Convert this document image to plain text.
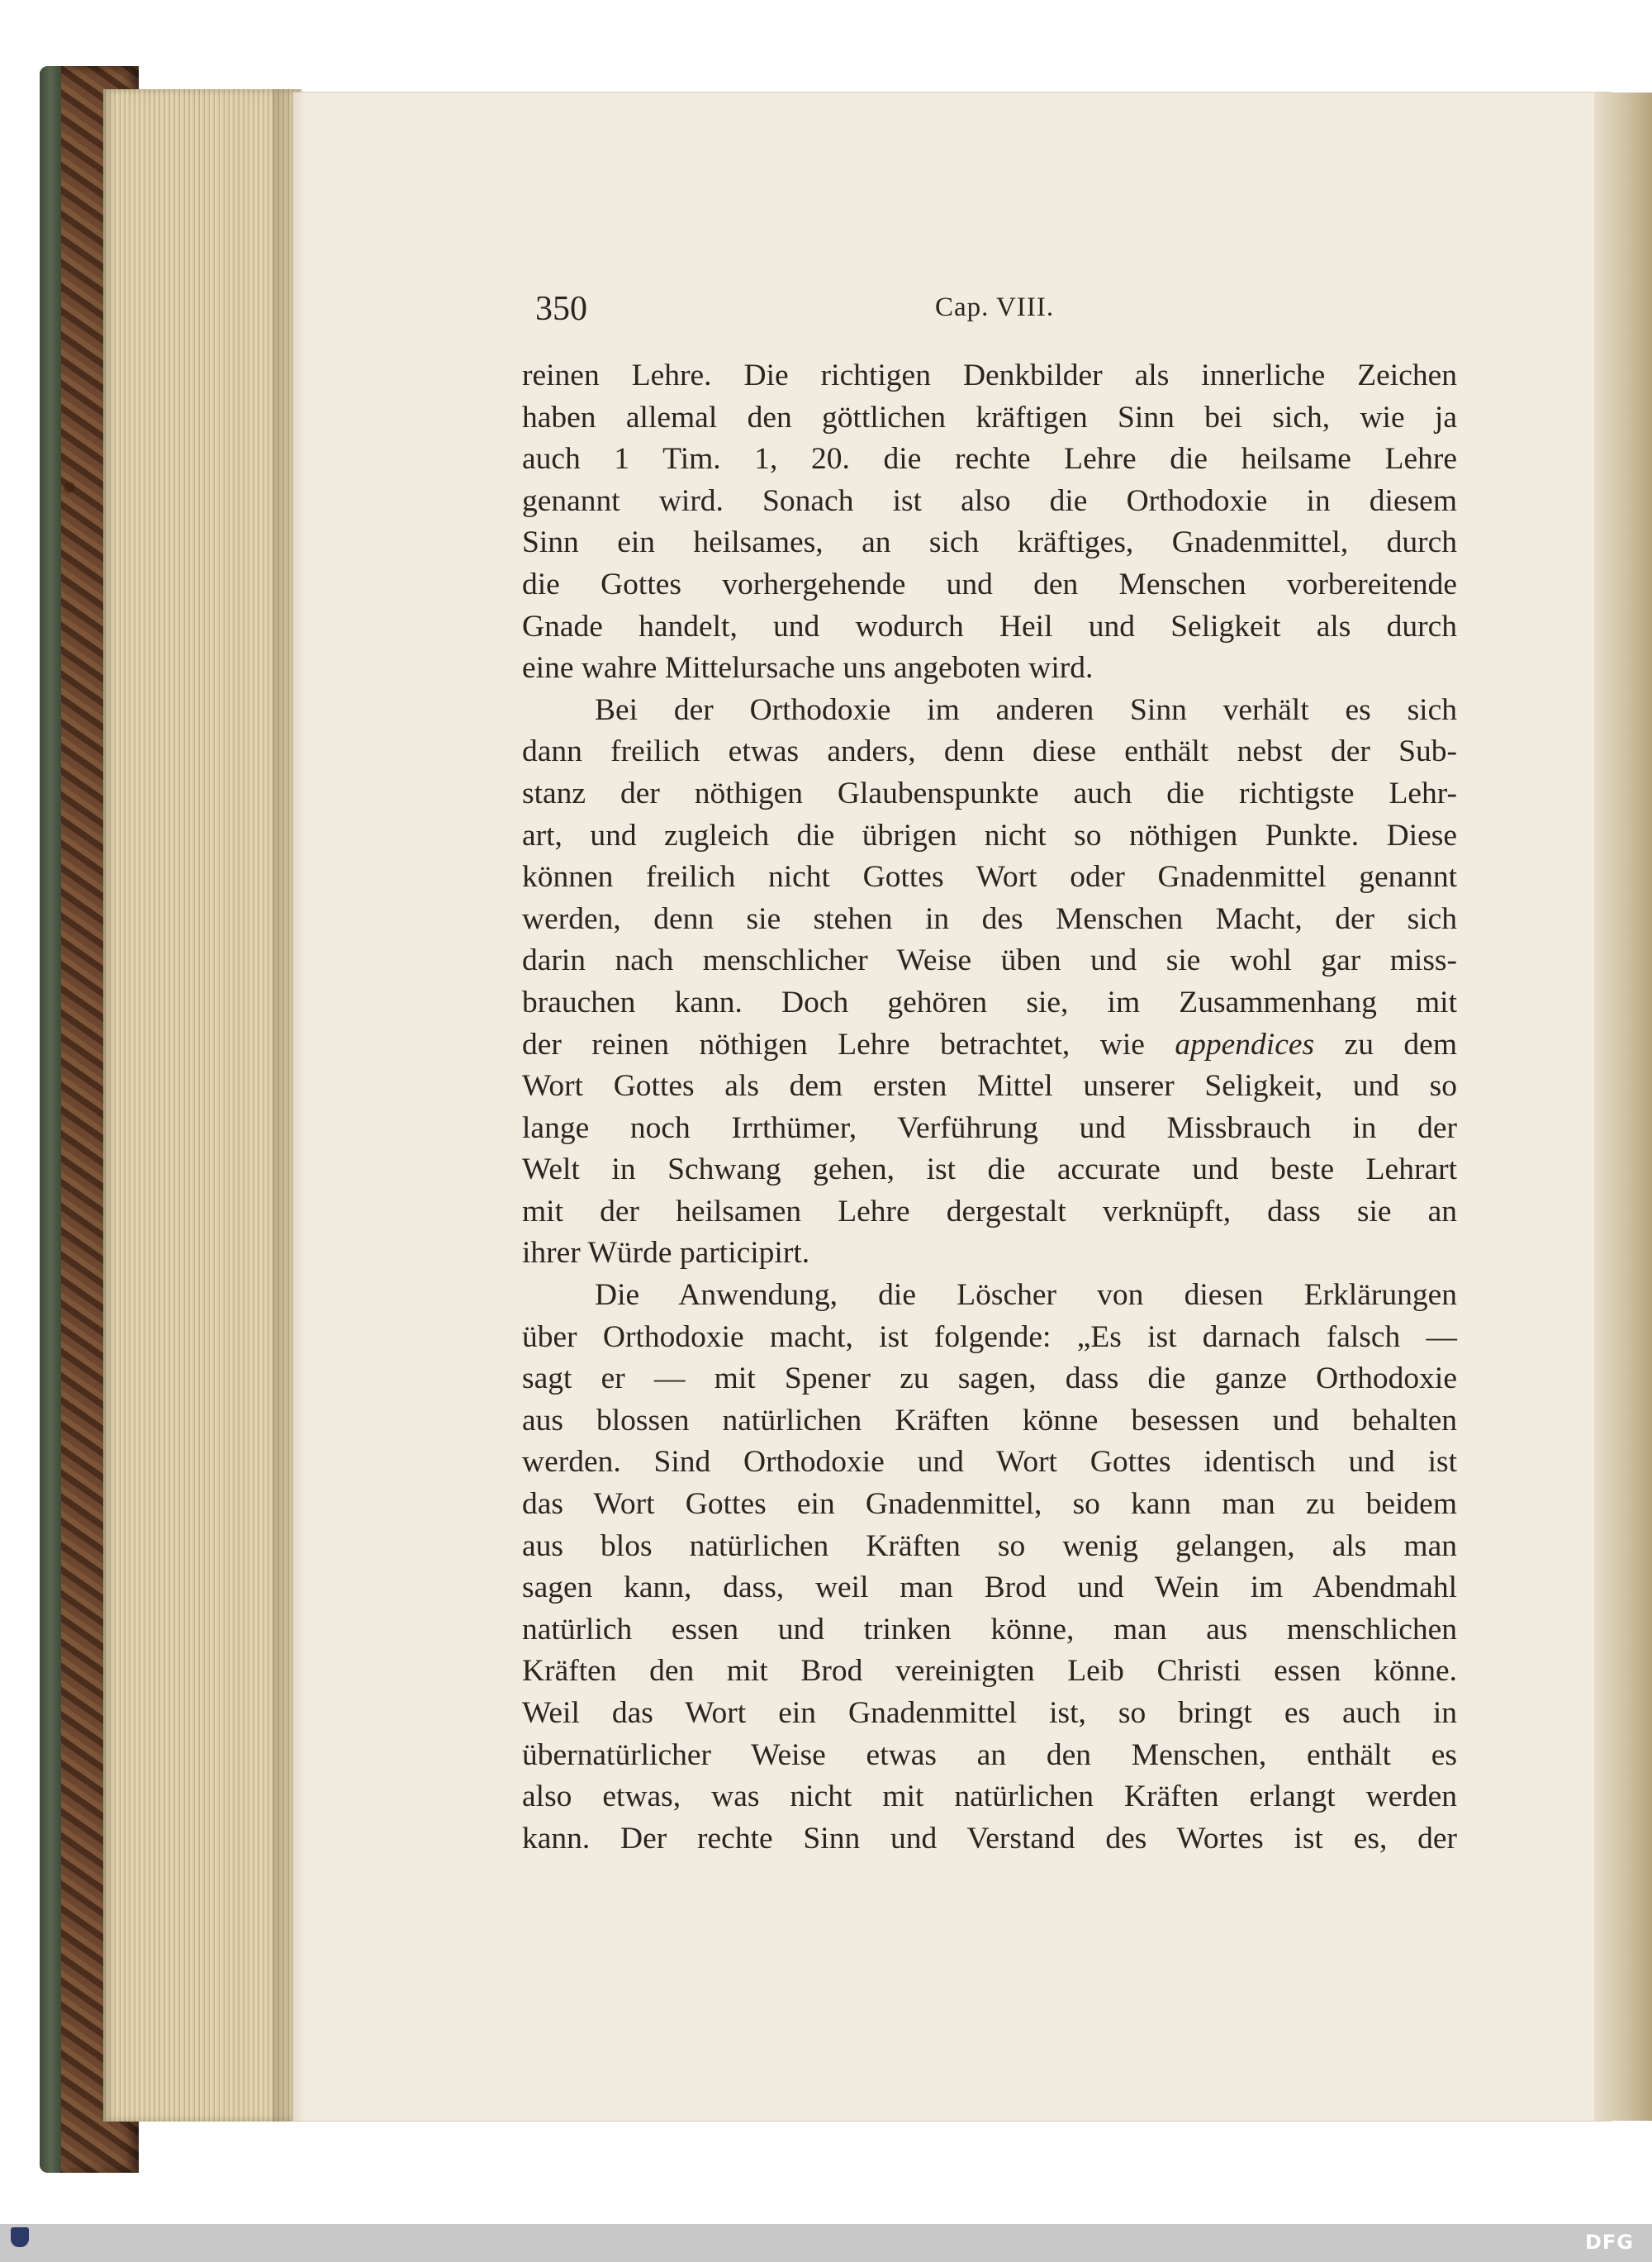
350	Cap. VIII.
reinen Lehre. Die richtigen Denkbilder als innerliche Zeichen
haben allemal den göttlichen kräftigen Sinn bei sich, wie ja
auch 1 Tim. 1, 20. die rechte Lehre die heilsame Lehre
genannt wird. Sonach ist also die Orthodoxie in diesem
Sinn ein heilsames, an sich kräftiges, Gnadenmittel, durch
die Gottes vorhergehende und den Menschen vorbereitende
Gnade handelt, und wodurch Heil und Seligkeit als durch
eine wahre Mittelursache uns angeboten wird.
Bei der Orthodoxie im anderen Sinn verhält es sich
dann freilich etwas anders, denn diese enthält nebst der Sub-
stanz der nöthigen Glaubenspunkte auch die richtigste Lehr-
art, und zugleich die übrigen nicht so nöthigen Punkte. Diese
können freilich nicht Gottes Wort oder Gnadenmittel genannt
werden, denn sie stehen in des Menschen Macht, der sich
darin nach menschlicher Weise üben und sie wohl gar miss-
brauchen kann. Doch gehören sie, im Zusammenhang mit
der reinen nöthigen Lehre betrachtet, wie appendices zu dem
Wort Gottes als dem ersten Mittel unserer Seligkeit, und so
lange noch Irrthümer, Verführung und Missbrauch in der
Welt in Schwang gehen, ist die accurate und beste Lehrart
mit der heilsamen Lehre dergestalt verknüpft, dass sie an
ihrer Würde participirt.
Die Anwendung, die Löscher von diesen Erklärungen
über Orthodoxie macht, ist folgende: „Es ist darnach falsch —
sagt er — mit Spener zu sagen, dass die ganze Orthodoxie
aus blossen natürlichen Kräften könne besessen und behalten
werden. Sind Orthodoxie und Wort Gottes identisch und ist
das Wort Gottes ein Gnadenmittel, so kann man zu beidem
aus blos natürlichen Kräften so wenig gelangen, als man
sagen kann, dass, weil man Brod und Wein im Abendmahl
natürlich essen und trinken könne, man aus menschlichen
Kräften den mit Brod vereinigten Leib Christi essen könne.
Weil das Wort ein Gnadenmittel ist, so bringt es auch in
übernatürlicher Weise etwas an den Menschen, enthält es
also etwas, was nicht mit natürlichen Kräften erlangt werden
kann. Der rechte Sinn und Verstand des Wortes ist es, der
DFG
